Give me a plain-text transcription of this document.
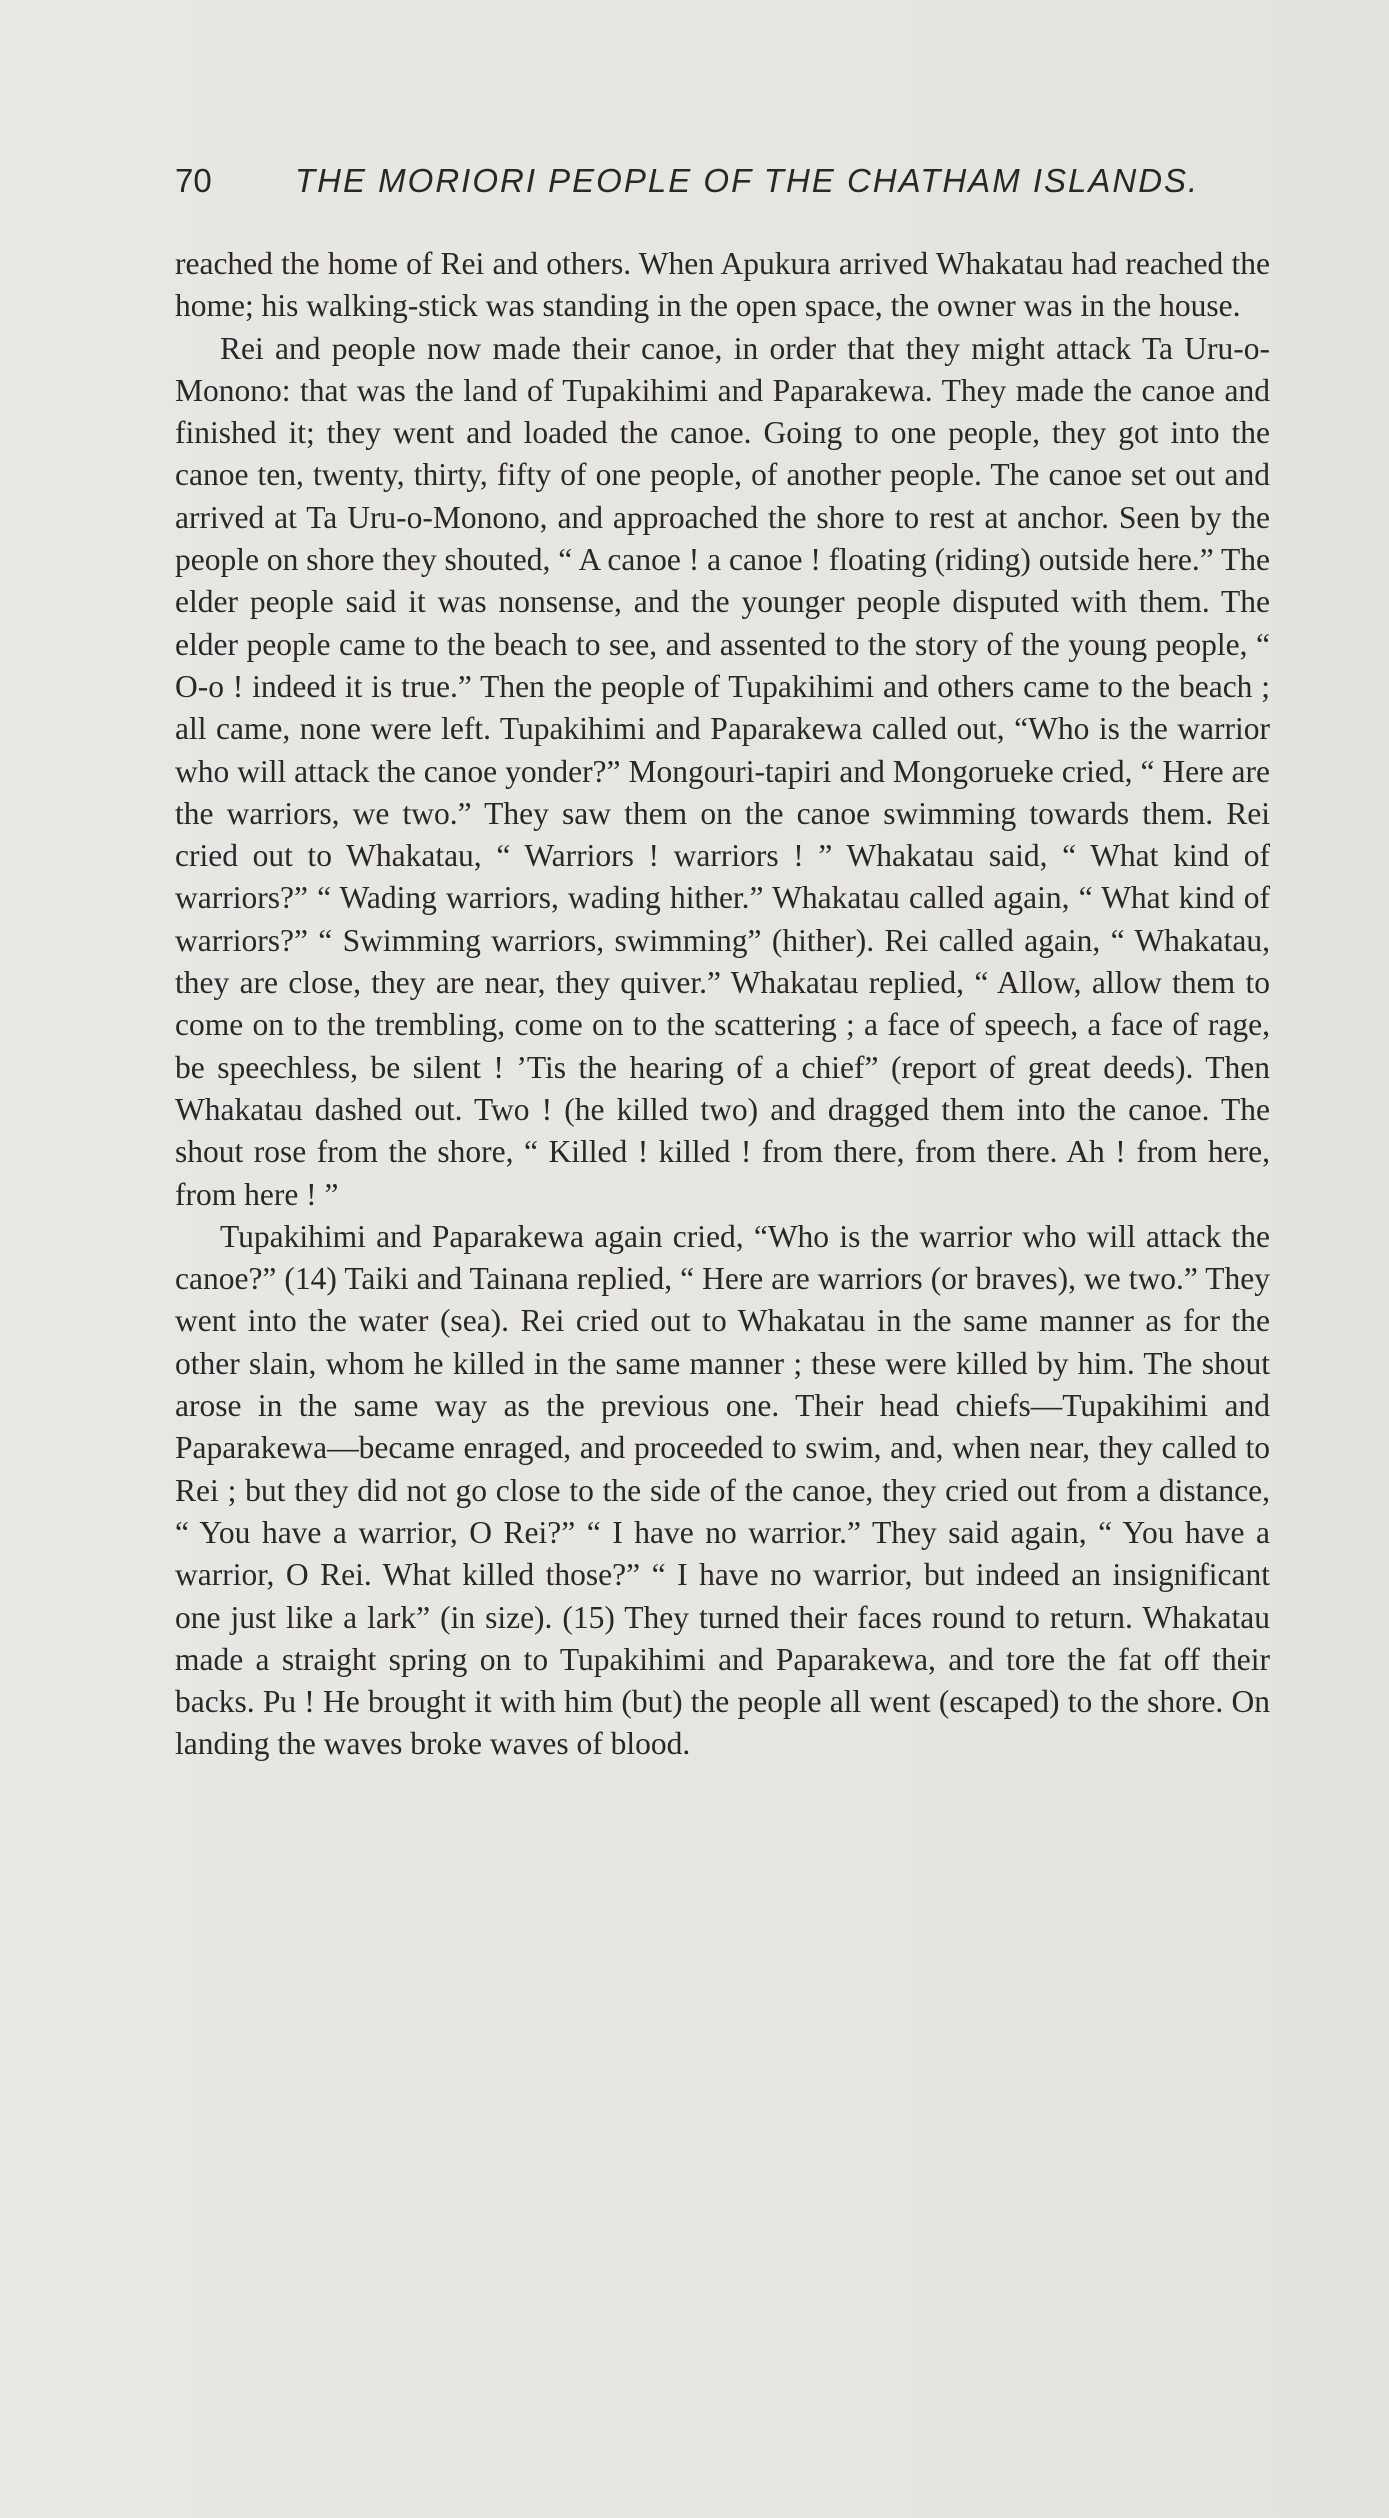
70	THE MORIORI PEOPLE OF THE CHATHAM ISLANDS.

reached the home of Rei and others. When Apukura arrived Whakatau had reached the home; his walking-stick was standing in the open space, the owner was in the house.

Rei and people now made their canoe, in order that they might attack Ta Uru-o-Monono: that was the land of Tupakihimi and Paparakewa. They made the canoe and finished it; they went and loaded the canoe. Going to one people, they got into the canoe ten, twenty, thirty, fifty of one people, of another people. The canoe set out and arrived at Ta Uru-o-Monono, and approached the shore to rest at anchor. Seen by the people on shore they shouted, “ A canoe ! a canoe ! floating (riding) outside here.” The elder people said it was nonsense, and the younger people disputed with them. The elder people came to the beach to see, and assented to the story of the young people, “ O-o ! indeed it is true.” Then the people of Tupakihimi and others came to the beach ; all came, none were left. Tupakihimi and Paparakewa called out, “Who is the warrior who will attack the canoe yonder?” Mongouri-tapiri and Mongorueke cried, “ Here are the warriors, we two.” They saw them on the canoe swimming towards them. Rei cried out to Whakatau, “ Warriors ! warriors ! ” Whakatau said, “ What kind of warriors?” “ Wading warriors, wading hither.” Whakatau called again, “ What kind of warriors?” “ Swimming warriors, swimming” (hither). Rei called again, “ Whakatau, they are close, they are near, they quiver.” Whakatau replied, “ Allow, allow them to come on to the trembling, come on to the scattering ; a face of speech, a face of rage, be speechless, be silent ! ’Tis the hearing of a chief” (report of great deeds). Then Whakatau dashed out. Two ! (he killed two) and dragged them into the canoe. The shout rose from the shore, “ Killed ! killed ! from there, from there. Ah ! from here, from here ! ”

Tupakihimi and Paparakewa again cried, “Who is the warrior who will attack the canoe?” (14) Taiki and Tainana replied, “ Here are warriors (or braves), we two.” They went into the water (sea). Rei cried out to Whakatau in the same manner as for the other slain, whom he killed in the same manner ; these were killed by him. The shout arose in the same way as the previous one. Their head chiefs—Tupakihimi and Paparakewa—became enraged, and proceeded to swim, and, when near, they called to Rei ; but they did not go close to the side of the canoe, they cried out from a distance, “ You have a warrior, O Rei?” “ I have no warrior.” They said again, “ You have a warrior, O Rei. What killed those?” “ I have no warrior, but indeed an insignificant one just like a lark” (in size). (15) They turned their faces round to return. Whakatau made a straight spring on to Tupakihimi and Paparakewa, and tore the fat off their backs. Pu ! He brought it with him (but) the people all went (escaped) to the shore. On landing the waves broke waves of blood.
